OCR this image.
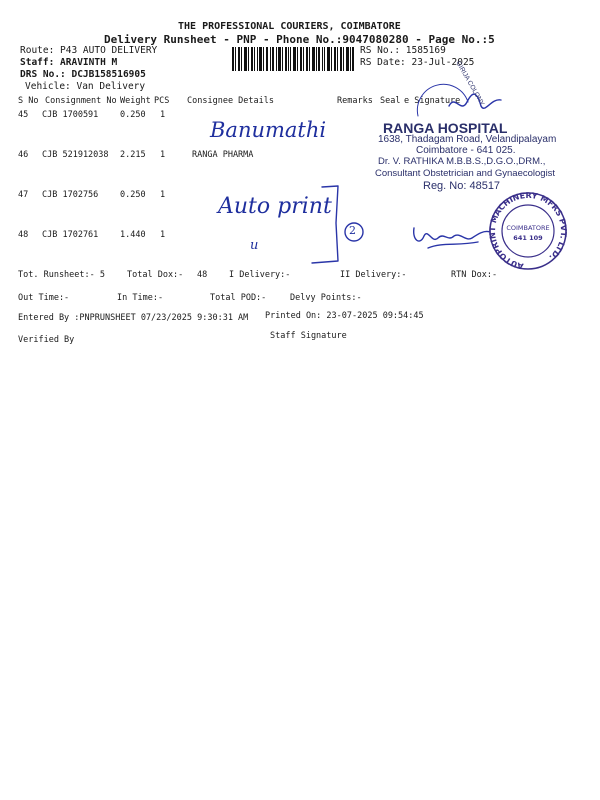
THE PROFESSIONAL COURIERS, COIMBATORE
Delivery Runsheet - PNP - Phone No.:9047080280 - Page No.:5
Route: P43 AUTO DELIVERY
Staff: ARAVINTH M
DRS No.: DCJB158516905
Vehicle: Van Delivery
RS No.: 1585169
RS Date: 23-Jul-2025
S No Consignment No Weight PCS Consignee Details	Remarks Seal e Signature
45 CJB 1700591	0.250 1
46 CJB 521912038 2.215 1	RANGA PHARMA
47 CJB 1702756	0.250 1
48 CJB 1702761	1.440 1
Banumathi
Auto print
u
2
GIRIJA COLONY
RANGA HOSPITAL
1638, Thadagam Road, Velandipalayam
Coimbatore - 641 025.
Dr. V. RATHIKA M.B.B.S.,D.G.O.,DRM.,
Consultant Obstetrician and Gynaecologist
Reg. No: 48517
AUTOPRINT MACHINERY MFRS PVT. LTD.
COIMBATORE
641 109
Tot. Runsheet:- 5	Total Dox:- 48	I Delivery:-	II Delivery:-	RTN Dox:-
Out Time:-	In Time:-	Total POD:-	Delvy Points:-
Entered By :PNPRUNSHEET 07/23/2025 9:30:31 AM Printed On: 23-07-2025 09:54:45
Verified By	Staff Signature
